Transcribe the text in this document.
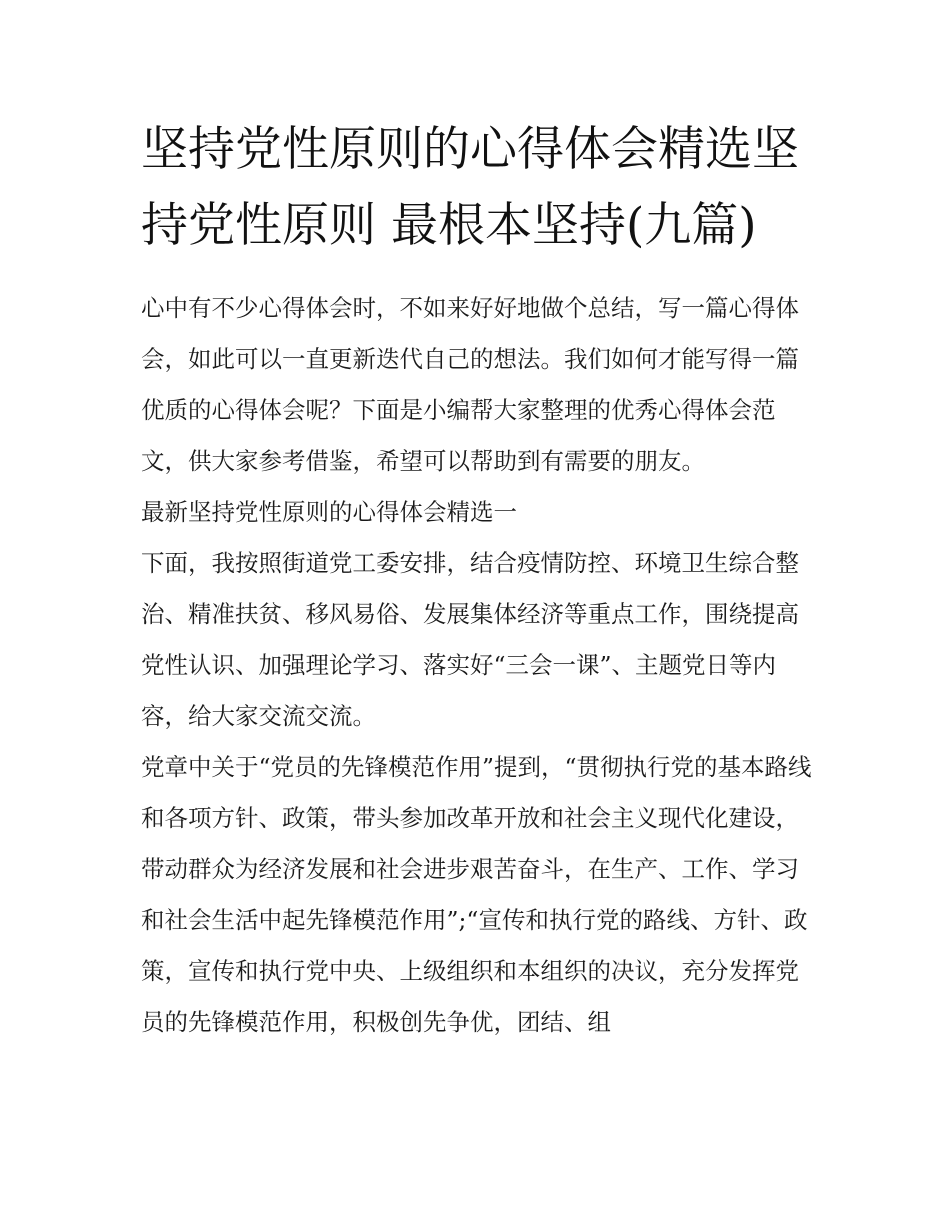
坚持党性原则的心得体会精选坚持党性原则 最根本坚持(九篇)

心中有不少心得体会时，不如来好好地做个总结，写一篇心得体会，如此可以一直更新迭代自己的想法。我们如何才能写得一篇优质的心得体会呢？下面是小编帮大家整理的优秀心得体会范文，供大家参考借鉴，希望可以帮助到有需要的朋友。

最新坚持党性原则的心得体会精选一

下面，我按照街道党工委安排，结合疫情防控、环境卫生综合整治、精准扶贫、移风易俗、发展集体经济等重点工作，围绕提高党性认识、加强理论学习、落实好“三会一课”、主题党日等内容，给大家交流交流。

党章中关于“党员的先锋模范作用”提到，“贯彻执行党的基本路线和各项方针、政策，带头参加改革开放和社会主义现代化建设，带动群众为经济发展和社会进步艰苦奋斗，在生产、工作、学习和社会生活中起先锋模范作用”;“宣传和执行党的路线、方针、政策，宣传和执行党中央、上级组织和本组织的决议，充分发挥党员的先锋模范作用，积极创先争优，团结、组
